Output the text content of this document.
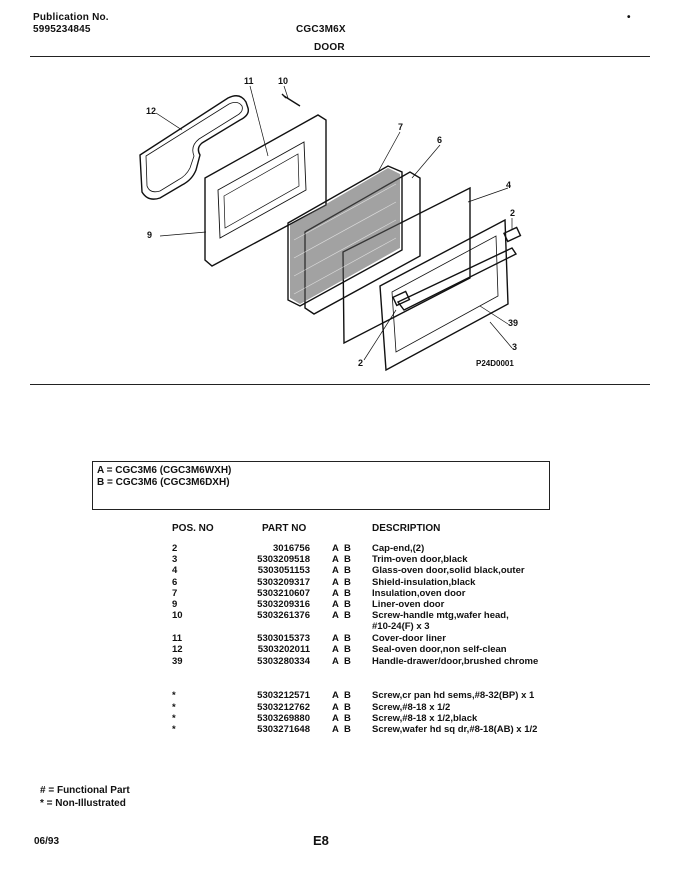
Publication No.
5995234845	CGC3M6X
•
DOOR
11	10
12
7
6
4
2
9
39
3
2	P24D0001
A = CGC3M6 (CGC3M6WXH)
B = CGC3M6 (CGC3M6DXH)
POS. NO	PART NO	DESCRIPTION
2	3016756 A B Cap-end,(2)
3	5303209518 A B Trim-oven door,black
4	5303051153 A B Glass-oven door,solid black,outer
6	5303209317 A B Shield-insulation,black
7	5303210607 A B Insulation,oven door
9	5303209316 A B Liner-oven door
10	5303261376 A B Screw-handle mtg,wafer head,
#10-24(F) x 3
11	5303015373 A B Cover-door liner
12	5303202011 A B Seal-oven door,non self-clean
39	5303280334 A B Handle-drawer/door,brushed chrome
*	5303212571 A B Screw,cr pan hd sems,#8-32(BP) x 1
*	5303212762 A B Screw,#8-18 x 1/2
*	5303269880 A B Screw,#8-18 x 1/2,black
*	5303271648 A B Screw,wafer hd sq dr,#8-18(AB) x 1/2
# = Functional Part
* = Non-Illustrated
06/93	E8
